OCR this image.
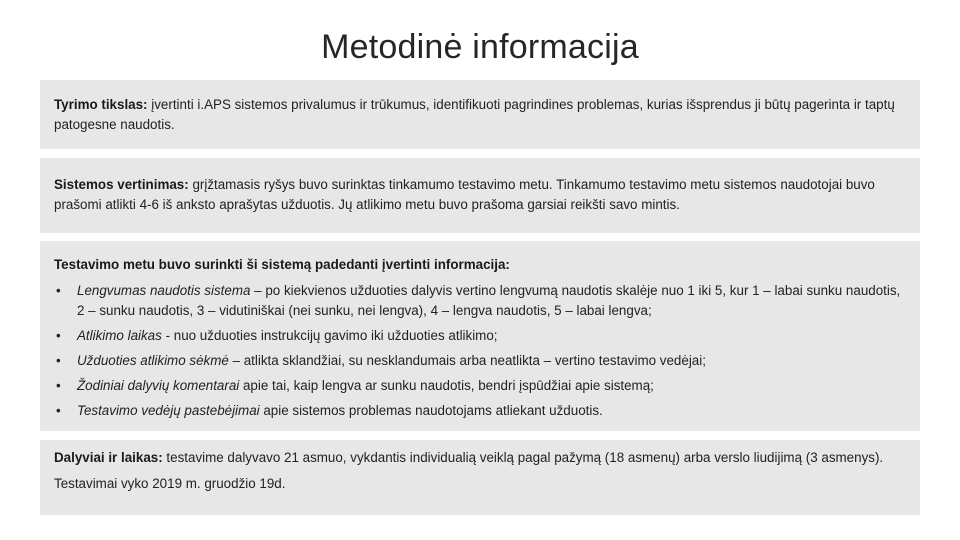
Metodinė informacija
Tyrimo tikslas: įvertinti i.APS sistemos privalumus ir trūkumus, identifikuoti pagrindines problemas, kurias išsprendus ji būtų pagerinta ir taptų patogesne naudotis.
Sistemos vertinimas: grįžtamasis ryšys buvo surinktas tinkamumo testavimo metu. Tinkamumo testavimo metu sistemos naudotojai buvo prašomi atlikti 4-6 iš anksto aprašytas užduotis. Jų atlikimo metu buvo prašoma garsiai reikšti savo mintis.
Testavimo metu buvo surinkti ši sistemą padedanti įvertinti informacija:
• Lengvumas naudotis sistema – po kiekvienos užduoties dalyvis vertino lengvumą naudotis skalėje nuo 1 iki 5, kur 1 – labai sunku naudotis, 2 – sunku naudotis, 3 – vidutiniškai (nei sunku, nei lengva), 4 – lengva naudotis, 5 – labai lengva;
• Atlikimo laikas - nuo užduoties instrukcijų gavimo iki užduoties atlikimo;
• Užduoties atlikimo sėkmė – atlikta sklandžiai, su nesklandumais arba neatlikta – vertino testavimo vedėjai;
• Žodiniai dalyvių komentarai apie tai, kaip lengva ar sunku naudotis, bendri įspūdžiai apie sistemą;
• Testavimo vedėjų pastebėjimai apie sistemos problemas naudotojams atliekant užduotis.
Dalyviai ir laikas: testavime dalyvavo 21 asmuo, vykdantis individualią veiklą pagal pažymą (18 asmenų) arba verslo liudijimą (3 asmenys).
Testavimai vyko 2019 m. gruodžio 19d.
